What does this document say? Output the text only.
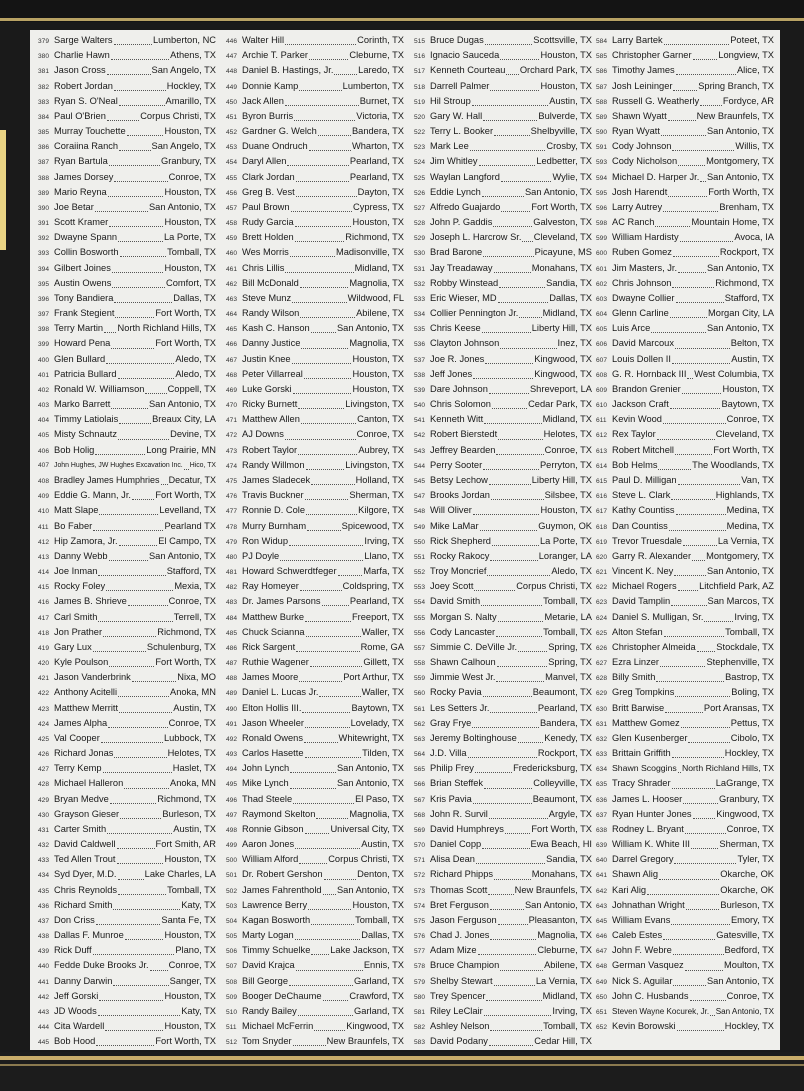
379 Sarge Walters	Lumberton, NC
380 Charlie Hawn	Athens, TX
381 Jason Cross	San Angelo, TX
382 Robert Jordan	Hockley, TX
383 Ryan S. O'Neal	Amarillo, TX
384 Paul O'Brien	Corpus Christi, TX
385 Murray Touchette	Houston, TX
386 Coraiina Ranch	San Angelo, TX
387 Ryan Bartula	Granbury, TX
388 James Dorsey	Conroe, TX
389 Mario Reyna	Houston, TX
390 Joe Betar	San Antonio, TX
391 Scott Kramer	Houston, TX
392 Dwayne Spann	La Porte, TX
393 Collin Bosworth	Tomball, TX
394 Gilbert Joines	Houston, TX
395 Austin Owens	Comfort, TX
396 Tony Bandiera	Dallas, TX
397 Frank Stegient	Fort Worth, TX
398 Terry Martin North Richland Hills, TX
399 Howard Pena	Fort Worth, TX
400 Glen Bullard	Aledo, TX
401 Patricia Bullard	Aledo, TX
402 Ronald W. Williamson Coppell, TX
403 Marko Barrett	San Antonio, TX
404 Timmy Latiolais	Breaux City, LA
405 Misty Schnautz	Devine, TX
406 Bob Holig	Long Prairie, MN
407 John Hughes, JW Hughes Excavation Inc. Hico, TX
408 Bradley James Humphries Decatur, TX
409 Eddie G. Mann, Jr.	Fort Worth, TX
410 Matt Slape	Levelland, TX
411 Bo Faber	Pearland TX
412 Hip Zamora, Jr.	El Campo, TX
413 Danny Webb	San Antonio, TX
414 Joe Inman	Stafford, TX
415 Rocky Foley	Mexia, TX
416 James B. Shrieve	Conroe, TX
417 Carl Smith	Terrell, TX
418 Jon Prather	Richmond, TX
419 Gary Lux	Schulenburg, TX
420 Kyle Poulson	Fort Worth, TX
421 Jason Vanderbrink	Nixa, MO
422 Anthony Acitelli	Anoka, MN
423 Matthew Merritt	Austin, TX
424 James Alpha	Conroe, TX
425 Val Cooper	Lubbock, TX
426 Richard Jonas	Helotes, TX
427 Terry Kemp	Haslet, TX
428 Michael Halleron	Anoka, MN
429 Bryan Medve	Richmond, TX
430 Grayson Gieser	Burleson, TX
431 Carter Smith	Austin, TX
432 David Caldwell	Fort Smith, AR
433 Ted Allen Trout	Houston, TX
434 Syd Dyer, M.D.	Lake Charles, LA
435 Chris Reynolds	Tomball, TX
436 Richard Smith	Katy, TX
437 Don Criss	Santa Fe, TX
438 Dallas F. Munroe	Houston, TX
439 Rick Duff	Plano, TX
440 Fedde Duke Brooks Jr. Conroe, TX
441 Danny Darwin	Sanger, TX
442 Jeff Gorski	Houston, TX
443 JD Woods	Katy, TX
444 Cita Wardell	Houston, TX
445 Bob Hood	Fort Worth, TX
446 Walter Hill	Corinth, TX
447 Archie T. Parker	Cleburne, TX
448 Daniel B. Hastings, Jr.	Laredo, TX
449 Donnie Kamp	Lumberton, TX
450 Jack Allen	Burnet, TX
451 Byron Burris	Victoria, TX
452 Gardner G. Welch	Bandera, TX
453 Duane Ondruch	Wharton, TX
454 Daryl Allen	Pearland, TX
455 Clark Jordan	Pearland, TX
456 Greg B. Vest	Dayton, TX
457 Paul Brown	Cypress, TX
458 Rudy Garcia	Houston, TX
459 Brett Holden	Richmond, TX
460 Wes Morris	Madisonville, TX
461 Chris Lillis	Midland, TX
462 Bill McDonald	Magnolia, TX
463 Steve Munz	Wildwood, FL
464 Randy Wilson	Abilene, TX
465 Kash C. Hanson	San Antonio, TX
466 Danny Justice	Magnolia, TX
467 Justin Knee	Houston, TX
468 Peter Villarreal	Houston, TX
469 Luke Gorski	Houston, TX
470 Ricky Burnett	Livingston, TX
471 Matthew Allen	Canton, TX
472 AJ Downs	Conroe, TX
473 Robert Taylor	Aubrey, TX
474 Randy Willmon	Livingston, TX
475 James Sladecek	Holland, TX
476 Travis Buckner	Sherman, TX
477 Ronnie D. Cole	Kilgore, TX
478 Murry Burnham	Spicewood, TX
479 Ron Widup	Irving, TX
480 PJ Doyle	Llano, TX
481 Howard Schwerdtfeger	Marfa, TX
482 Ray Homeyer	Coldspring, TX
483 Dr. James Parsons	Pearland, TX
484 Matthew Burke	Freeport, TX
485 Chuck Scianna	Waller, TX
486 Rick Sargent	Rome, GA
487 Ruthie Wagener	Gillett, TX
488 James Moore	Port Arthur, TX
489 Daniel L. Lucas Jr.	Waller, TX
490 Elton Hollis III.	Baytown, TX
491 Jason Wheeler	Lovelady, TX
492 Ronald Owens	Whitewright, TX
493 Carlos Hasette	Tilden, TX
494 John Lynch	San Antonio, TX
495 Mike Lynch	San Antonio, TX
496 Thad Steele	El Paso, TX
497 Raymond Skelton	Magnolia, TX
498 Ronnie Gibson	Universal City, TX
499 Aaron Jones	Austin, TX
500 William Alford	Corpus Christi, TX
501 Dr. Robert Gershon	Denton, TX
502 James Fahrenthold San Antonio, TX
503 Lawrence Berry	Houston, TX
504 Kagan Bosworth	Tomball, TX
505 Marty Logan	Dallas, TX
506 Timmy Schuelke Lake Jackson, TX
507 David Krajca	Ennis, TX
508 Bill George	Garland, TX
509 Booger DeChaume	Crawford, TX
510 Randy Bailey	Garland, TX
511 Michael McFerrin	Kingwood, TX
512 Tom Snyder	New Braunfels, TX
515 Bruce Dugas	Scottsville, TX
516 Ignacio Sauceda	Houston, TX
517 Kenneth Courteau Orchard Park, TX
518 Darrell Palmer	Houston, TX
519 Hil Stroup	Austin, TX
520 Gary W. Hall	Bulverde, TX
522 Terry L. Booker	Shelbyville, TX
523 Mark Lee	Crosby, TX
524 Jim Whitley	Ledbetter, TX
525 Waylan Langford	Wylie, TX
526 Eddie Lynch	San Antonio, TX
527 Alfredo Guajardo	Fort Worth, TX
528 John P. Gaddis	Galveston, TX
529 Joseph L. Harcrow Sr. Cleveland, TX
530 Brad Barone	Picayune, MS
531 Jay Treadaway	Monahans, TX
532 Robby Winstead	Sandia, TX
533 Eric Wieser, MD	Dallas, TX
534 Collier Pennington Jr.	Midland, TX
535 Chris Keese	Liberty Hill, TX
536 Clayton Johnson	Inez, TX
537 Joe R. Jones	Kingwood, TX
538 Jeff Jones	Kingwood, TX
539 Dare Johnson	Shreveport, LA
540 Chris Solomon	Cedar Park, TX
541 Kenneth Witt	Midland, TX
542 Robert Bierstedt	Helotes, TX
543 Jeffrey Bearden	Conroe, TX
544 Perry Sooter	Perryton, TX
545 Betsy Lechow	Liberty Hill, TX
547 Brooks Jordan	Silsbee, TX
548 Will Oliver	Houston, TX
549 Mike LaMar	Guymon, OK
550 Rick Shepherd	La Porte, TX
551 Rocky Rakocy	Loranger, LA
552 Troy Moncrief	Aledo, TX
553 Joey Scott	Corpus Christi, TX
554 David Smith	Tomball, TX
555 Morgan S. Nalty	Metarie, LA
556 Cody Lancaster	Tomball, TX
557 Simmie C. DeVille Jr.	Spring, TX
558 Shawn Calhoun	Spring, TX
559 Jimmie West Jr.	Manvel, TX
560 Rocky Pavia	Beaumont, TX
561 Les Setters Jr.	Pearland, TX
562 Gray Frye	Bandera, TX
563 Jeremy Boltinghouse	Kenedy, TX
564 J.D. Villa	Rockport, TX
565 Philip Frey	Fredericksburg, TX
566 Brian Steffek	Colleyville, TX
567 Kris Pavia	Beaumont, TX
568 John R. Survil	Argyle, TX
569 David Humphreys	Fort Worth, TX
570 Daniel Copp	Ewa Beach, HI
571 Alisa Dean	Sandia, TX
572 Richard Phipps	Monahans, TX
573 Thomas Scott	New Braunfels, TX
574 Bret Ferguson	San Antonio, TX
575 Jason Ferguson	Pleasanton, TX
576 Chad J. Jones	Magnolia, TX
577 Adam Mize	Cleburne, TX
578 Bruce Champion	Abilene, TX
579 Shelby Stewart	La Vernia, TX
580 Trey Spencer	Midland, TX
581 Riley LeClair	Irving, TX
582 Ashley Nelson	Tomball, TX
583 David Podany	Cedar Hill, TX
584 Larry Bartek	Poteet, TX
585 Christopher Garner	Longview, TX
586 Timothy James	Alice, TX
587 Josh Leininger	Spring Branch, TX
588 Russell G. Weatherly	Fordyce, AR
589 Shawn Wyatt	New Braunfels, TX
590 Ryan Wyatt	San Antonio, TX
591 Cody Johnson	Willis, TX
593 Cody Nicholson	Montgomery, TX
594 Michael D. Harper Jr. San Antonio, TX
595 Josh Harendt	Forth Worth, TX
596 Larry Autrey	Brenham, TX
598 AC Ranch	Mountain Home, TX
599 William Hardisty	Avoca, IA
600 Ruben Gomez	Rockport, TX
601 Jim Masters, Jr.	San Antonio, TX
602 Chris Johnson	Richmond, TX
603 Dwayne Collier	Stafford, TX
604 Glenn Carline	Morgan City, LA
605 Luis Arce	San Antonio, TX
606 David Marcoux	Belton, TX
607 Louis Dollen II	Austin, TX
608 G. R. Hornback III West Columbia, TX
609 Brandon Grenier	Houston, TX
610 Jackson Craft	Baytown, TX
611 Kevin Wood	Conroe, TX
612 Rex Taylor	Cleveland, TX
613 Robert Mitchell	Fort Worth, TX
614 Bob Helms	The Woodlands, TX
615 Paul D. Milligan	Van, TX
616 Steve L. Clark	Highlands, TX
617 Kathy Countiss	Medina, TX
618 Dan Countiss	Medina, TX
619 Trevor Truesdale	La Vernia, TX
620 Garry R. Alexander Montgomery, TX
621 Vincent K. Ney	San Antonio, TX
622 Michael Rogers Litchfield Park, AZ
623 David Tamplin	San Marcos, TX
624 Daniel S. Mulligan, Sr.	Irving, TX
625 Alton Stefan	Tomball, TX
626 Christopher Almeida Stockdale, TX
627 Ezra Linzer	Stephenville, TX
628 Billy Smith	Bastrop, TX
629 Greg Tompkins	Boling, TX
630 Britt Barwise	Port Aransas, TX
631 Matthew Gomez	Pettus, TX
632 Glen Kusenberger	Cibolo, TX
633 Brittain Griffith	Hockley, TX
634 Shawn Scoggins North Richland Hills, TX
635 Tracy Shrader	LaGrange, TX
636 James L. Hooser	Granbury, TX
637 Ryan Hunter Jones	Kingwood, TX
638 Rodney L. Bryant	Conroe, TX
639 William K. White III	Sherman, TX
640 Darrel Gregory	Tyler, TX
641 Shawn Alig	Okarche, OK
642 Kari Alig	Okarche, OK
643 Johnathan Wright	Burleson, TX
645 William Evans	Emory, TX
646 Caleb Estes	Gatesville, TX
647 John F. Webre	Bedford, TX
648 German Vasquez	Moulton, TX
649 Nick S. Aguilar	San Antonio, TX
650 John C. Husbands	Conroe, TX
651 Steven Wayne Kocurek, Jr. San Antonio, TX
652 Kevin Borowski	Hockley, TX
